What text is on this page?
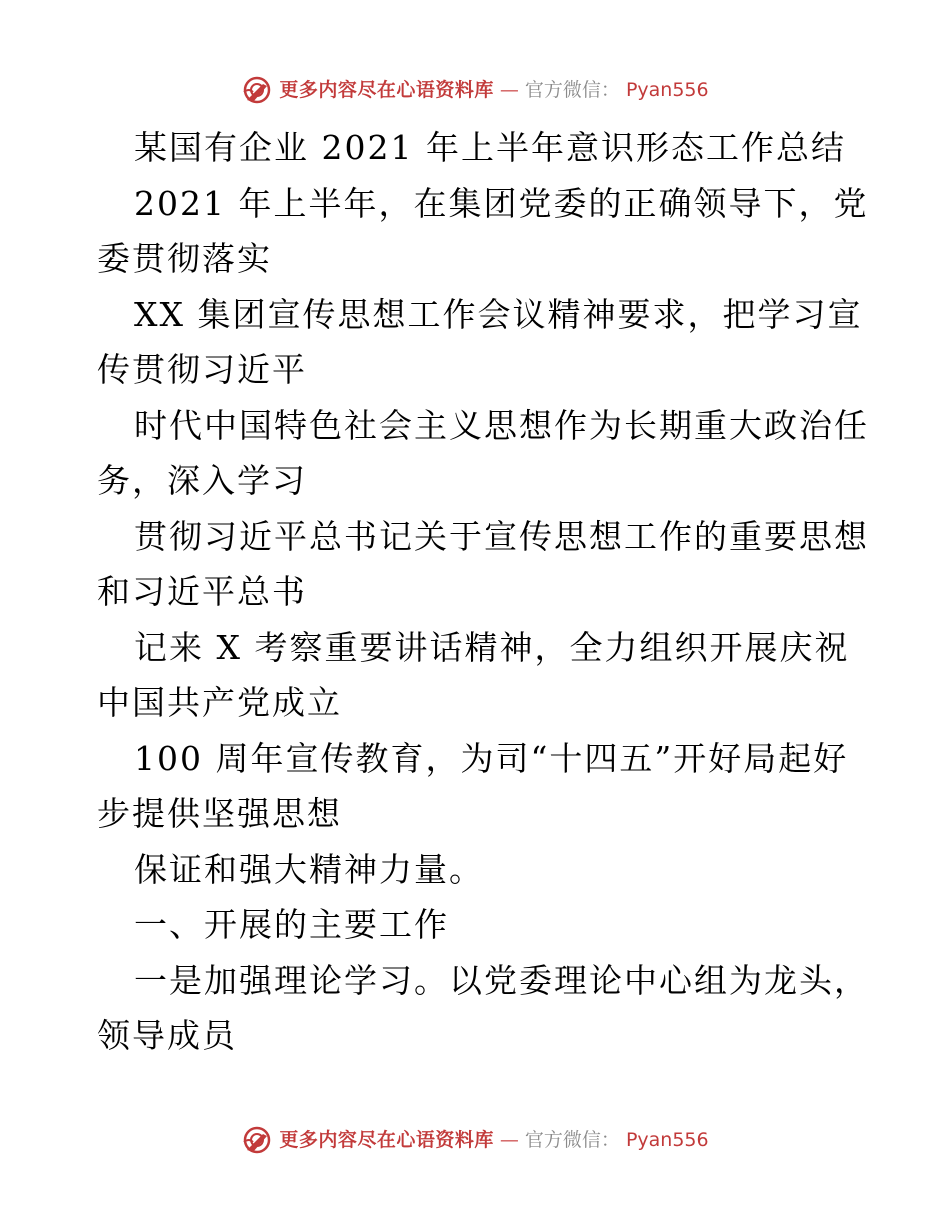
更多内容尽在心语资料库 — 官方微信： Pyan556
某国有企业 2021 年上半年意识形态工作总结
2021 年上半年，在集团党委的正确领导下，党
委贯彻落实
XX 集团宣传思想工作会议精神要求，把学习宣
传贯彻习近平
时代中国特色社会主义思想作为长期重大政治任
务，深入学习
贯彻习近平总书记关于宣传思想工作的重要思想
和习近平总书
记来 X 考察重要讲话精神，全力组织开展庆祝
中国共产党成立
100 周年宣传教育，为司“十四五”开好局起好
步提供坚强思想
保证和强大精神力量。
一、开展的主要工作
一是加强理论学习。以党委理论中心组为龙头，
领导成员
更多内容尽在心语资料库 — 官方微信： Pyan556
